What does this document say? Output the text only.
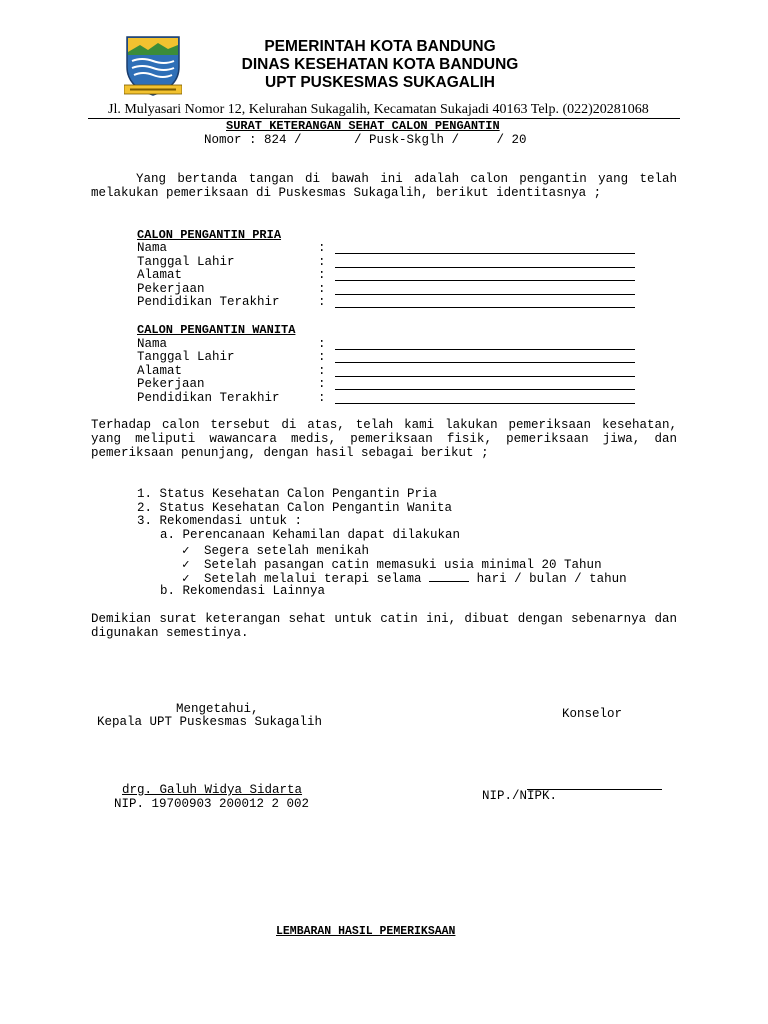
PEMERINTAH KOTA BANDUNG
DINAS KESEHATAN KOTA BANDUNG
UPT PUSKESMAS SUKAGALIH
Jl. Mulyasari Nomor 12, Kelurahan Sukagalih, Kecamatan Sukajadi 40163 Telp. (022)20281068
SURAT KETERANGAN SEHAT CALON PENGANTIN
Nomor : 824 /       / Pusk-Skglh /     / 20
Yang bertanda tangan di bawah ini adalah calon pengantin yang telah melakukan pemeriksaan di Puskesmas Sukagalih, berikut identitasnya ;
CALON PENGANTIN PRIA
Nama	:
Tanggal Lahir	:
Alamat	:
Pekerjaan	:
Pendidikan Terakhir	:
CALON PENGANTIN WANITA
Nama	:
Tanggal Lahir	:
Alamat	:
Pekerjaan	:
Pendidikan Terakhir	:
Terhadap calon tersebut di atas, telah kami lakukan pemeriksaan kesehatan, yang meliputi wawancara medis, pemeriksaan fisik, pemeriksaan jiwa, dan pemeriksaan penunjang, dengan hasil sebagai berikut ;
1. Status Kesehatan Calon Pengantin Pria
2. Status Kesehatan Calon Pengantin Wanita
3. Rekomendasi untuk :
a. Perencanaan Kehamilan dapat dilakukan
✓ Segera setelah menikah
✓ Setelah pasangan catin memasuki usia minimal 20 Tahun
✓ Setelah melalui terapi selama	hari / bulan / tahun
b. Rekomendasi Lainnya
Demikian surat keterangan sehat untuk catin ini, dibuat dengan sebenarnya dan digunakan semestinya.
Mengetahui,
Kepala UPT Puskesmas Sukagalih
Konselor
drg. Galuh Widya Sidarta
NIP. 19700903 200012 2 002
NIP./NIPK.
LEMBARAN HASIL PEMERIKSAAN
